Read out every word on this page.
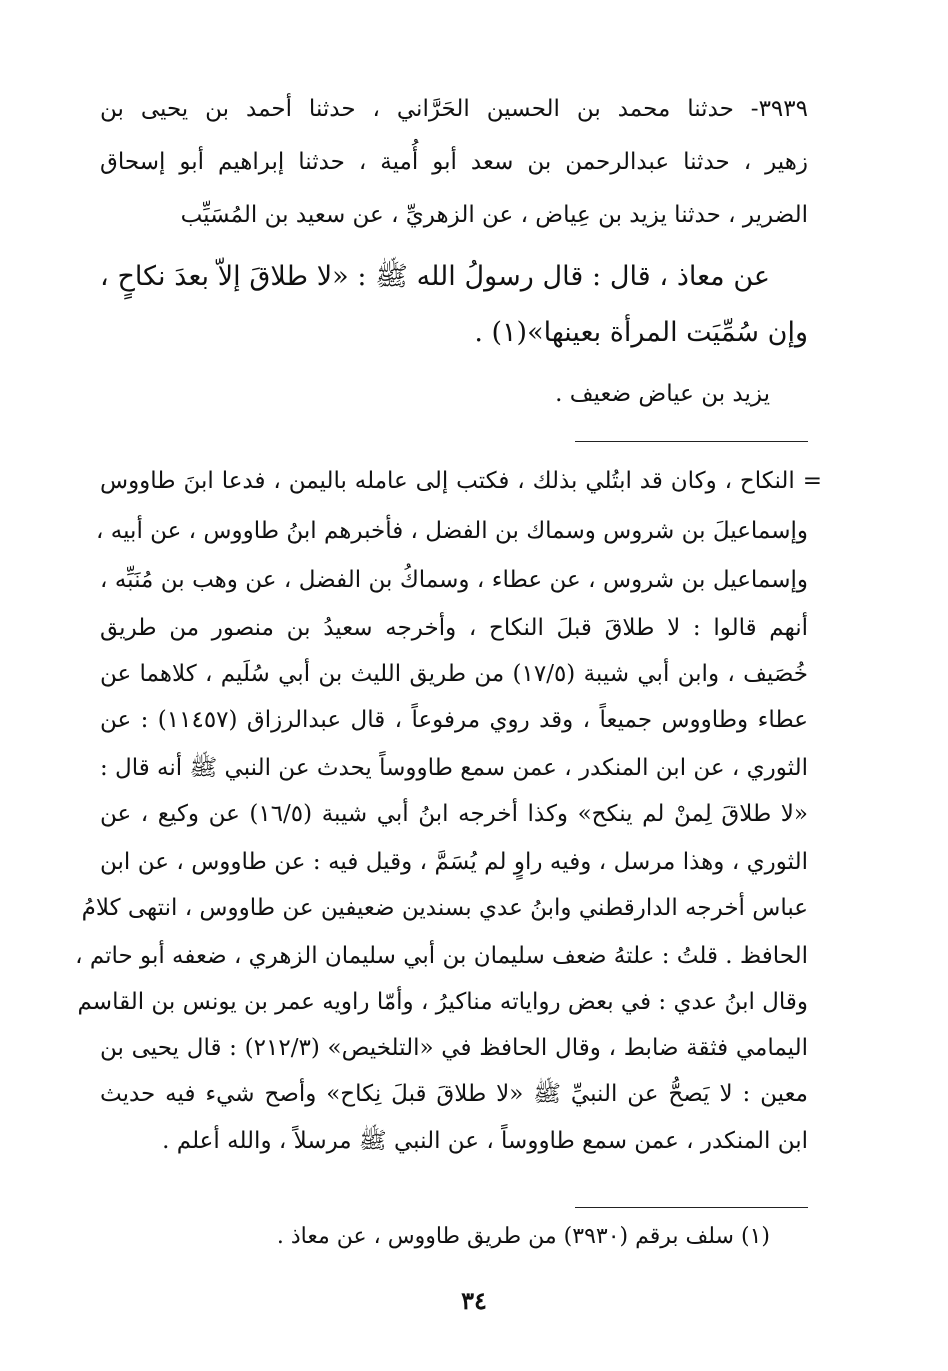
٣٩٣٩- حدثنا محمد بن الحسين الحَرَّاني ، حدثنا أحمد بن يحيى بن
زهير ، حدثنا عبدالرحمن بن سعد أبو أُمية ، حدثنا إبراهيم أبو إسحاق
الضرير ، حدثنا يزيد بن عِياض ، عن الزهريِّ ، عن سعيد بن المُسَيِّب
عن معاذ ، قال : قال رسولُ الله ﷺ : «لا طلاقَ إلاّ بعدَ نكاحٍ ،
وإن سُمِّيَت المرأة بعينها»(١) .
يزيد بن عياض ضعيف .
= النكاح ، وكان قد ابتُلي بذلك ، فكتب إلى عامله باليمن ، فدعا ابنَ طاووس
وإسماعيلَ بن شروس وسماك بن الفضل ، فأخبرهم ابنُ طاووس ، عن أبيه ،
وإسماعيل بن شروس ، عن عطاء ، وسماكُ بن الفضل ، عن وهب بن مُنَبِّه ،
أنهم قالوا : لا طلاقَ قبلَ النكاح ، وأخرجه سعيدُ بن منصور من طريق
خُصَيف ، وابن أبي شيبة (١٧/٥) من طريق الليث بن أبي سُلَيم ، كلاهما عن
عطاء وطاووس جميعاً ، وقد روي مرفوعاً ، قال عبدالرزاق (١١٤٥٧) : عن
الثوري ، عن ابن المنكدر ، عمن سمع طاووساً يحدث عن النبي ﷺ أنه قال :
«لا طلاقَ لِمنْ لم ينكح» وكذا أخرجه ابنُ أبي شيبة (١٦/٥) عن وكيع ، عن
الثوري ، وهذا مرسل ، وفيه راوٍ لم يُسَمَّ ، وقيل فيه : عن طاووس ، عن ابن
عباس أخرجه الدارقطني وابنُ عدي بسندين ضعيفين عن طاووس ، انتهى كلامُ
الحافظ . قلتُ : علتهُ ضعف سليمان بن أبي سليمان الزهري ، ضعفه أبو حاتم ،
وقال ابنُ عدي : في بعض رواياته مناكيرُ ، وأمّا راويه عمر بن يونس بن القاسم
اليمامي فثقة ضابط ، وقال الحافظ في «التلخيص» (٢١٢/٣) : قال يحيى بن
معين : لا يَصحُّ عن النبيِّ ﷺ «لا طلاقَ قبلَ نِكاح» وأصح شيء فيه حديث
ابن المنكدر ، عمن سمع طاووساً ، عن النبي ﷺ مرسلاً ، والله أعلم .
(١) سلف برقم (٣٩٣٠) من طريق طاووس ، عن معاذ .
٣٤
